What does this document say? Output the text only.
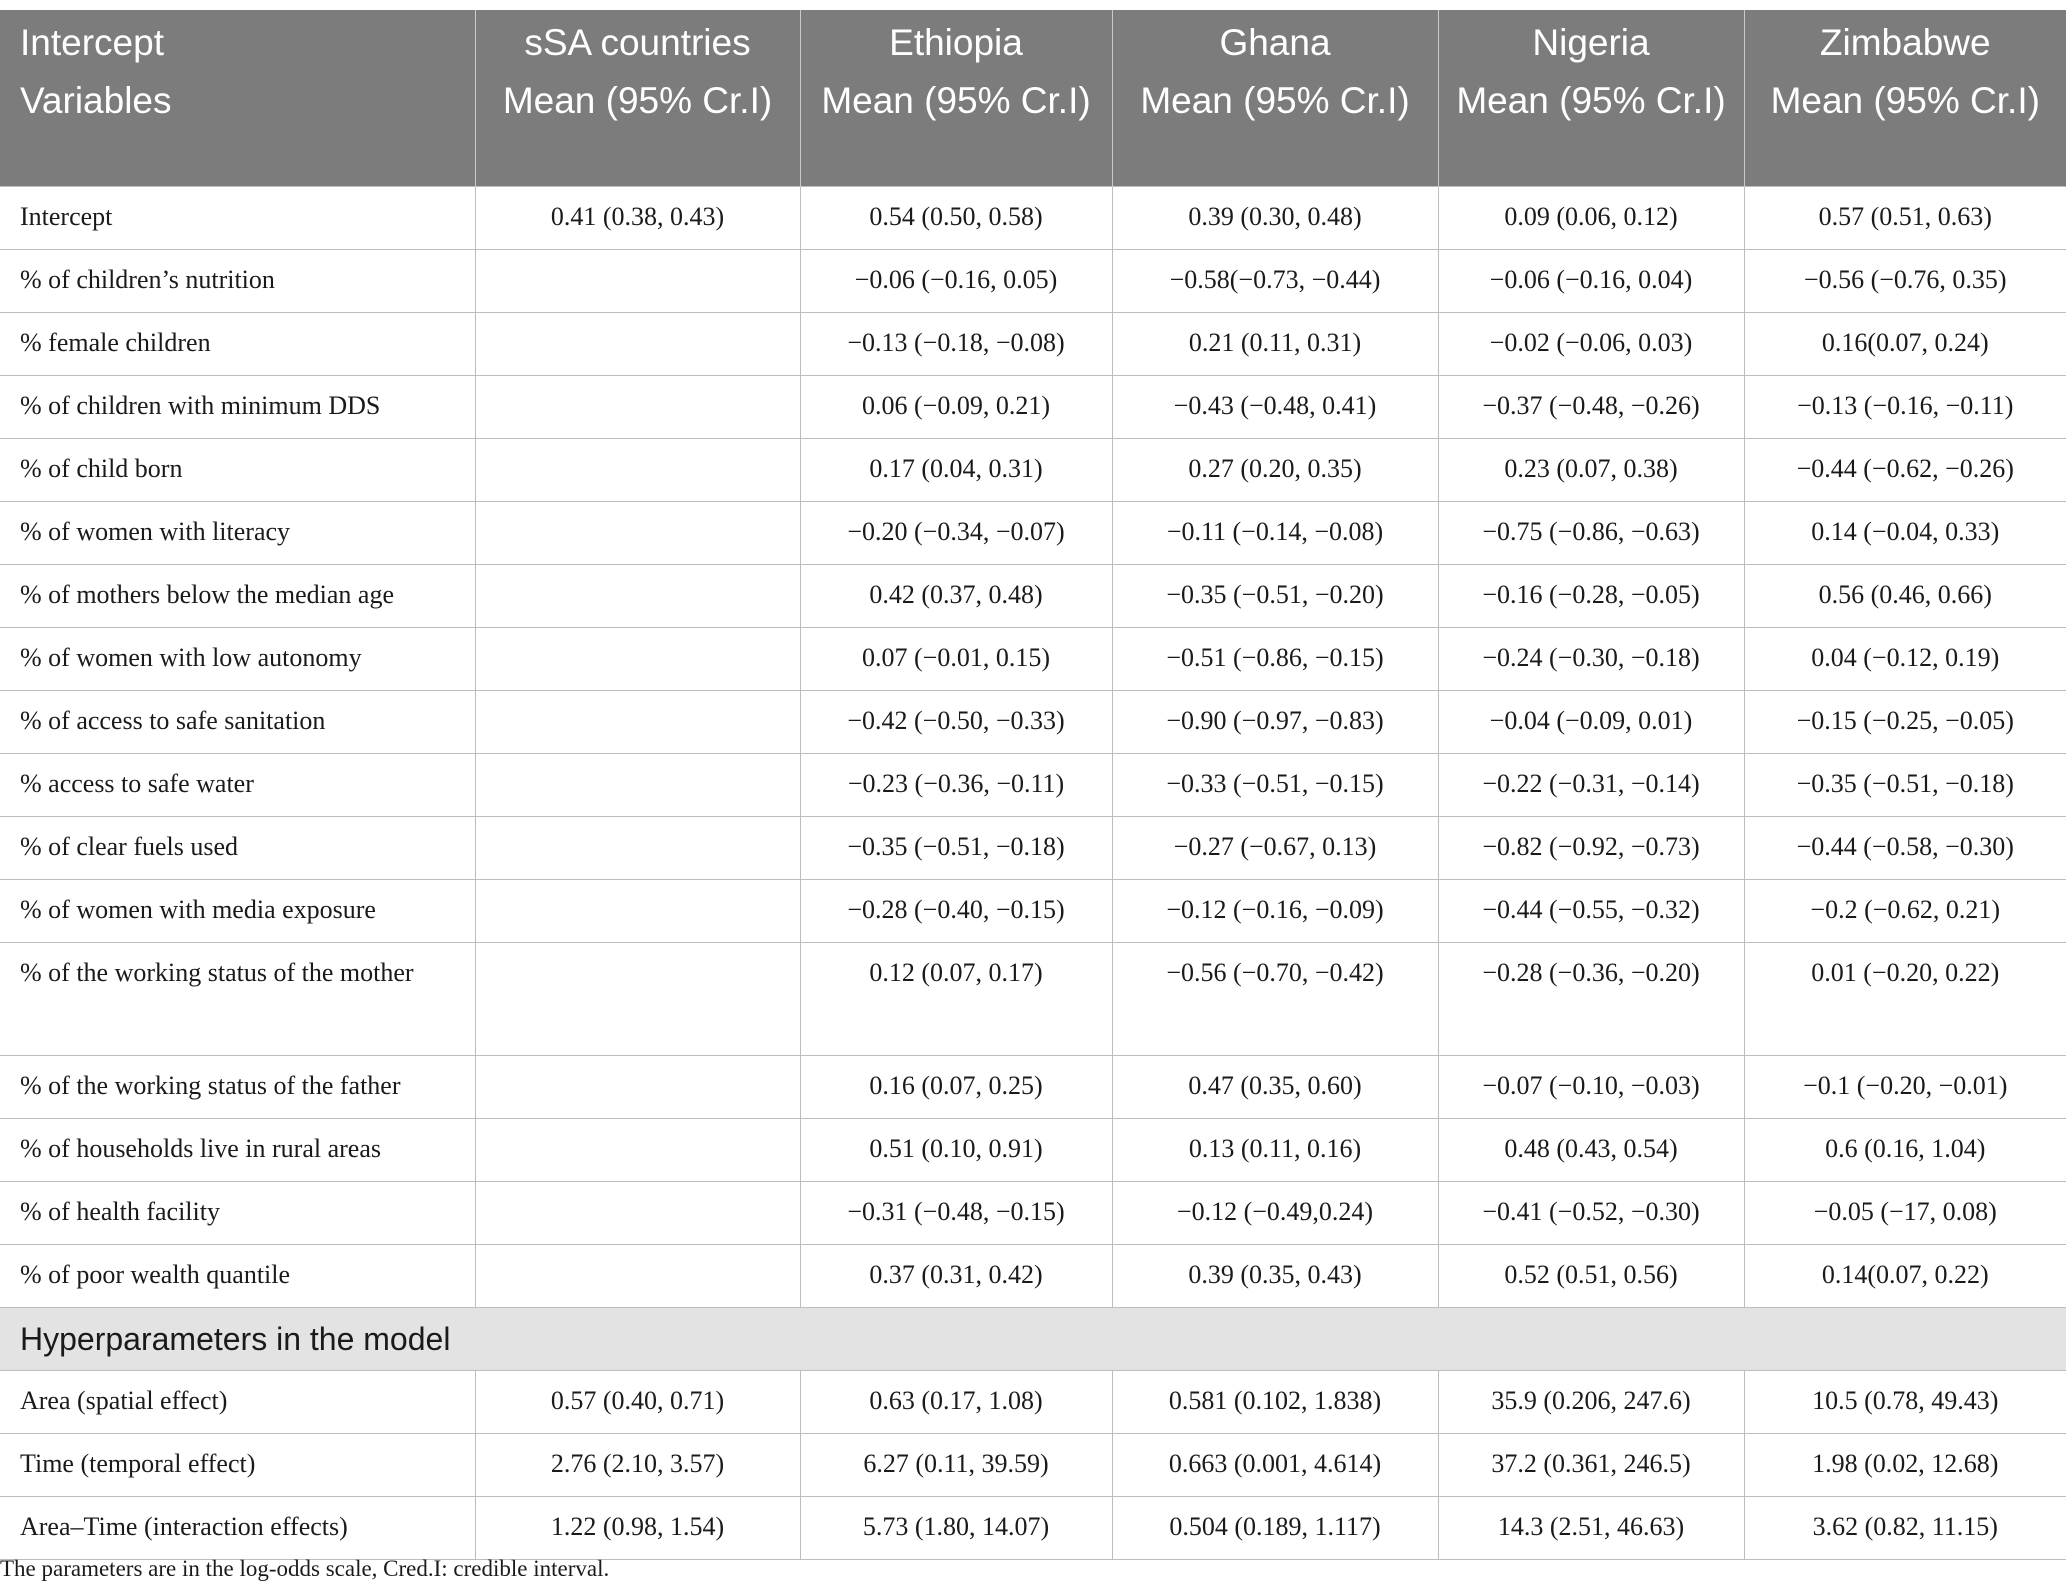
Intercept	sSA countries	Ethiopia	Ghana	Nigeria	Zimbabwe
Variables	Mean (95% Cr.I)	Mean (95% Cr.I)	Mean (95% Cr.I)	Mean (95% Cr.I)	Mean (95% Cr.I)
Intercept	0.41 (0.38, 0.43)	0.54 (0.50, 0.58)	0.39 (0.30, 0.48)	0.09 (0.06, 0.12)	0.57 (0.51, 0.63)
% of children’s nutrition		−0.06 (−0.16, 0.05)	−0.58(−0.73, −0.44)	−0.06 (−0.16, 0.04)	−0.56 (−0.76, 0.35)
% female children		−0.13 (−0.18, −0.08)	0.21 (0.11, 0.31)	−0.02 (−0.06, 0.03)	0.16(0.07, 0.24)
% of children with minimum DDS		0.06 (−0.09, 0.21)	−0.43 (−0.48, 0.41)	−0.37 (−0.48, −0.26)	−0.13 (−0.16, −0.11)
% of child born		0.17 (0.04, 0.31)	0.27 (0.20, 0.35)	0.23 (0.07, 0.38)	−0.44 (−0.62, −0.26)
% of women with literacy		−0.20 (−0.34, −0.07)	−0.11 (−0.14, −0.08)	−0.75 (−0.86, −0.63)	0.14 (−0.04, 0.33)
% of mothers below the median age		0.42 (0.37, 0.48)	−0.35 (−0.51, −0.20)	−0.16 (−0.28, −0.05)	0.56 (0.46, 0.66)
% of women with low autonomy		0.07 (−0.01, 0.15)	−0.51 (−0.86, −0.15)	−0.24 (−0.30, −0.18)	0.04 (−0.12, 0.19)
% of access to safe sanitation		−0.42 (−0.50, −0.33)	−0.90 (−0.97, −0.83)	−0.04 (−0.09, 0.01)	−0.15 (−0.25, −0.05)
% access to safe water		−0.23 (−0.36, −0.11)	−0.33 (−0.51, −0.15)	−0.22 (−0.31, −0.14)	−0.35 (−0.51, −0.18)
% of clear fuels used		−0.35 (−0.51, −0.18)	−0.27 (−0.67, 0.13)	−0.82 (−0.92, −0.73)	−0.44 (−0.58, −0.30)
% of women with media exposure		−0.28 (−0.40, −0.15)	−0.12 (−0.16, −0.09)	−0.44 (−0.55, −0.32)	−0.2 (−0.62, 0.21)
% of the working status of the mother		0.12 (0.07, 0.17)	−0.56 (−0.70, −0.42)	−0.28 (−0.36, −0.20)	0.01 (−0.20, 0.22)
% of the working status of the father		0.16 (0.07, 0.25)	0.47 (0.35, 0.60)	−0.07 (−0.10, −0.03)	−0.1 (−0.20, −0.01)
% of households live in rural areas		0.51 (0.10, 0.91)	0.13 (0.11, 0.16)	0.48 (0.43, 0.54)	0.6 (0.16, 1.04)
% of health facility		−0.31 (−0.48, −0.15)	−0.12 (−0.49,0.24)	−0.41 (−0.52, −0.30)	−0.05 (−17, 0.08)
% of poor wealth quantile		0.37 (0.31, 0.42)	0.39 (0.35, 0.43)	0.52 (0.51, 0.56)	0.14(0.07, 0.22)
Hyperparameters in the model					
Area (spatial effect)	0.57 (0.40, 0.71)	0.63 (0.17, 1.08)	0.581 (0.102, 1.838)	35.9 (0.206, 247.6)	10.5 (0.78, 49.43)
Time (temporal effect)	2.76 (2.10, 3.57)	6.27 (0.11, 39.59)	0.663 (0.001, 4.614)	37.2 (0.361, 246.5)	1.98 (0.02, 12.68)
Area–Time (interaction effects)	1.22 (0.98, 1.54)	5.73 (1.80, 14.07)	0.504 (0.189, 1.117)	14.3 (2.51, 46.63)	3.62 (0.82, 11.15)
The parameters are in the log-odds scale, Cred.I: credible interval.
